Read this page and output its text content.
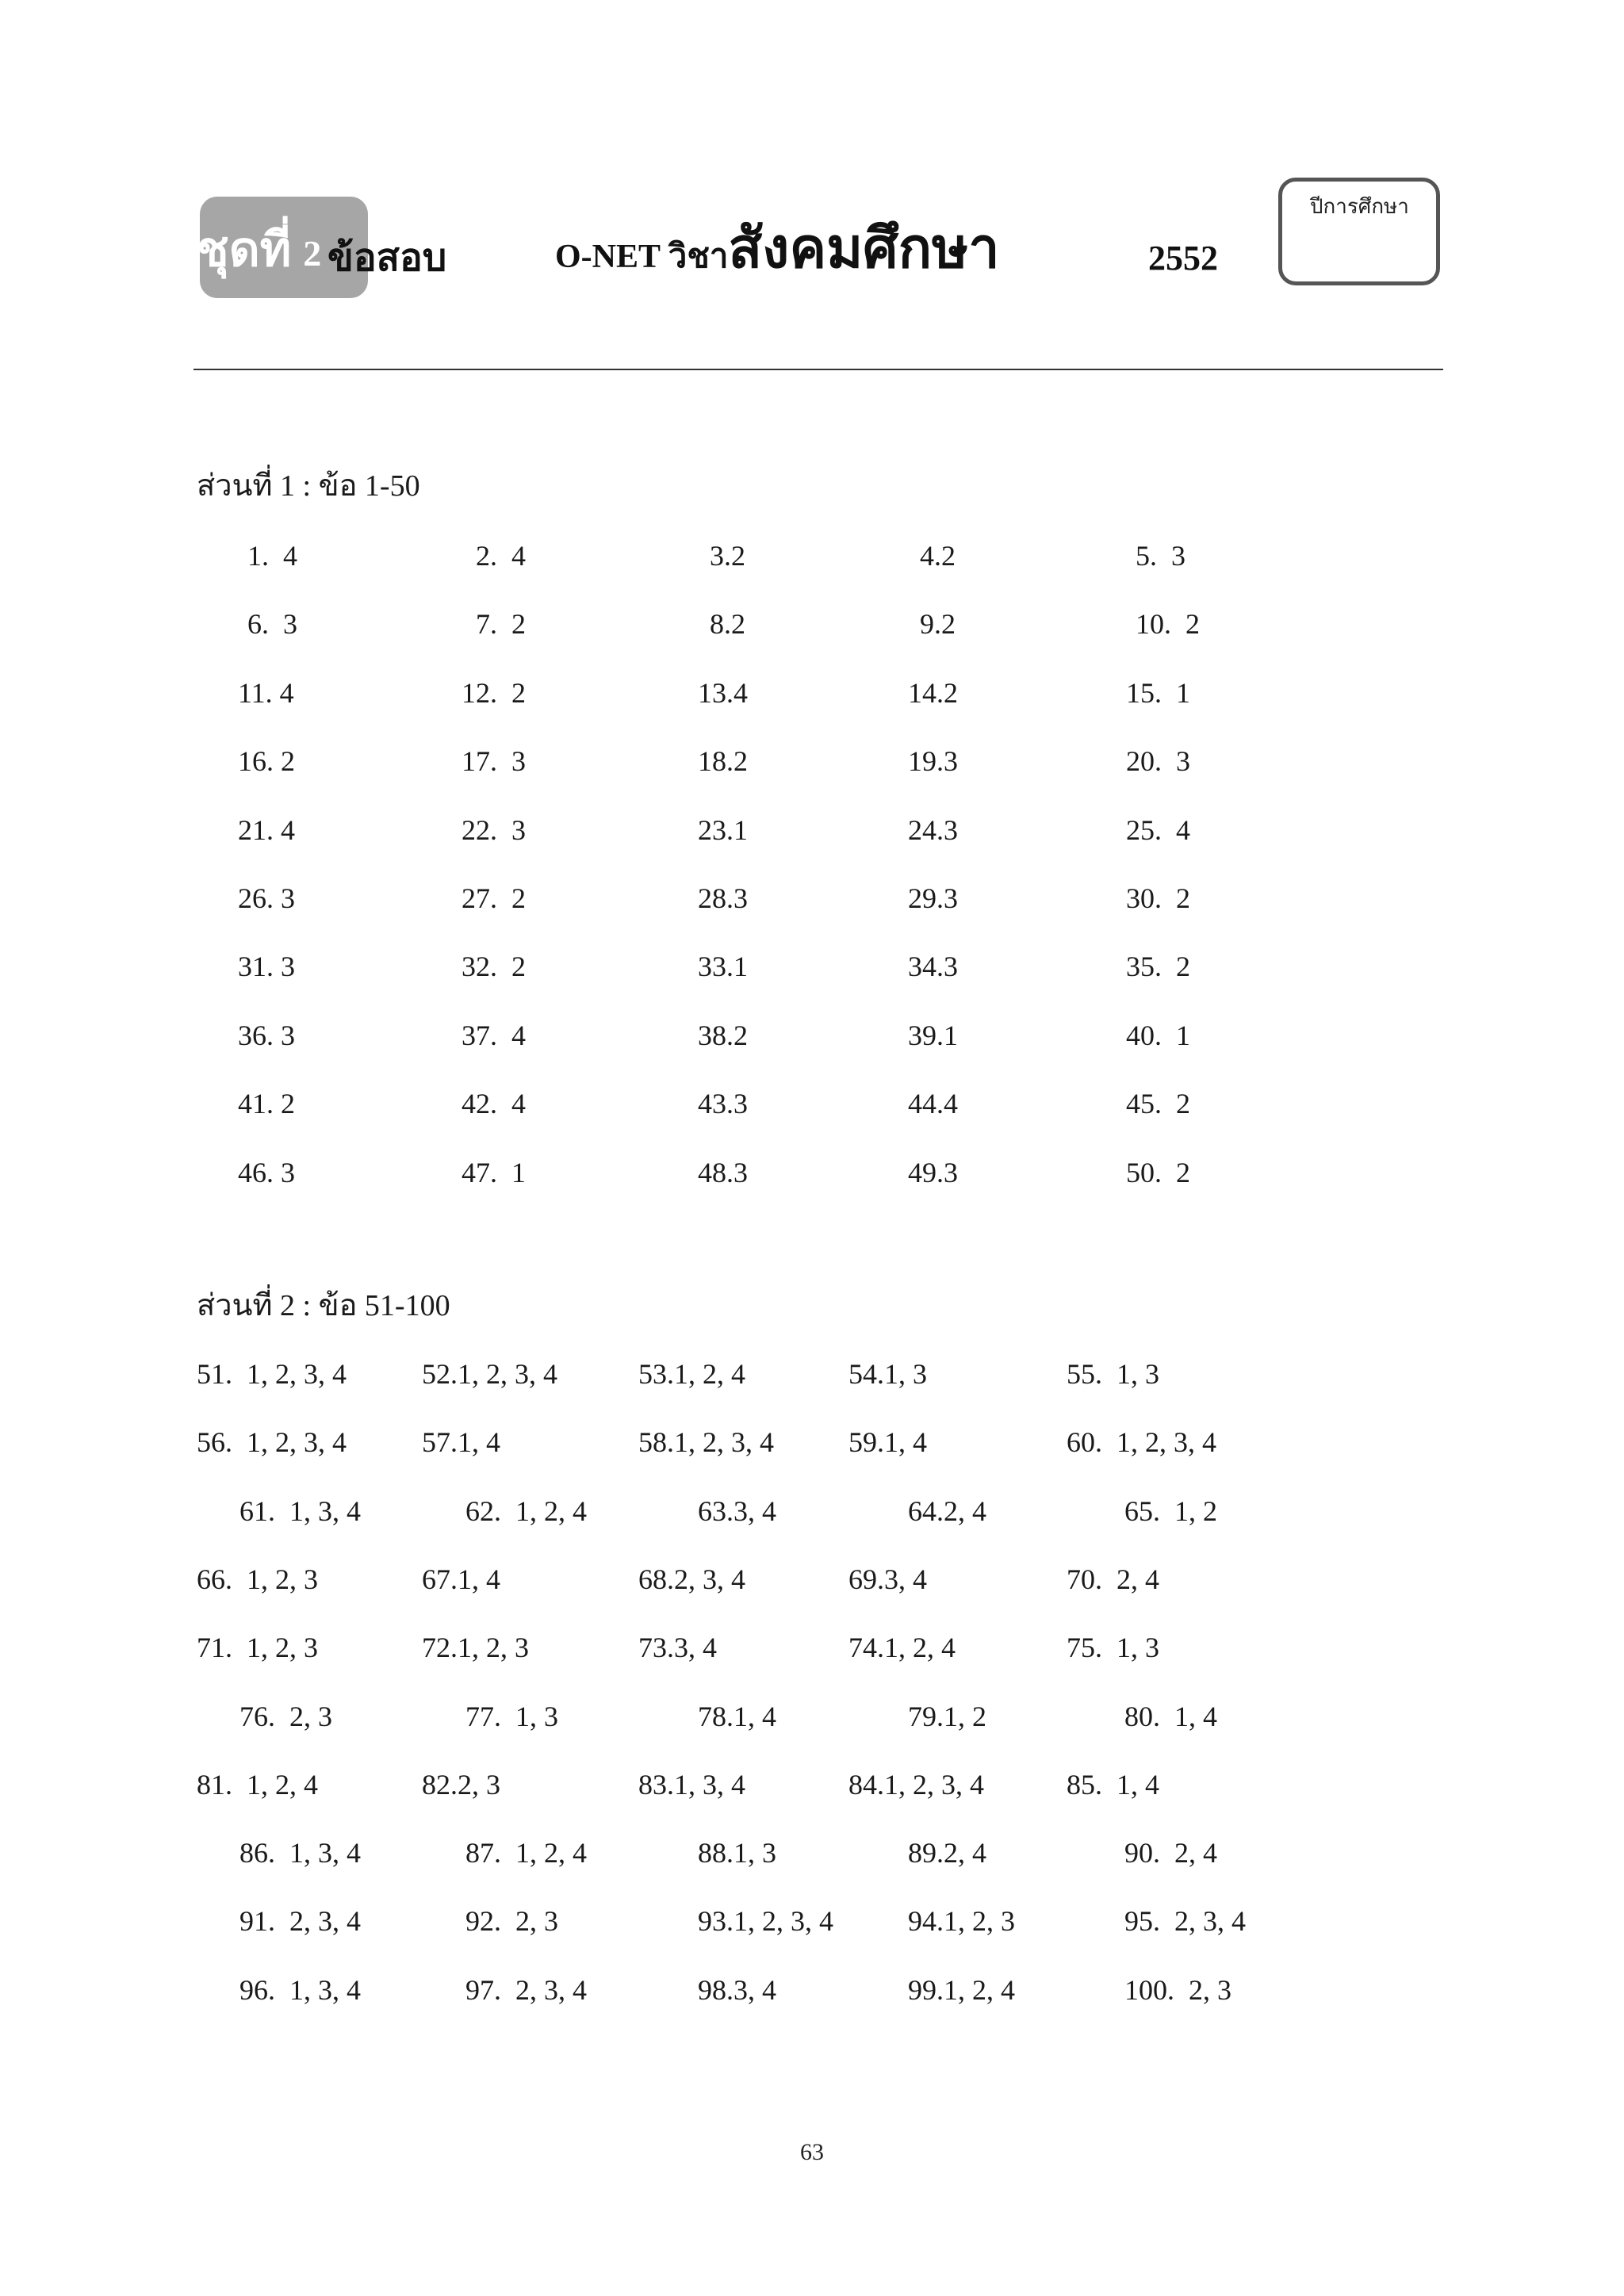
ชุดที่ 2 ข้อสอบ	O-NET วิชาสังคมศึกษา	2552
ปีการศึกษา
ส่วนที่ 1 : ข้อ 1-50
1.  4	2.  4	3.2	4.2	5.  3
6.  3	7.  2	8.2	9.2	10.  2
11. 4	12.  2	13.4	14.2	15.  1
16. 2	17.  3	18.2	19.3	20.  3
21. 4	22.  3	23.1	24.3	25.  4
26. 3	27.  2	28.3	29.3	30.  2
31. 3	32.  2	33.1	34.3	35.  2
36. 3	37.  4	38.2	39.1	40.  1
41. 2	42.  4	43.3	44.4	45.  2
46. 3	47.  1	48.3	49.3	50.  2
ส่วนที่ 2 : ข้อ 51-100
51.  1, 2, 3, 4	52.1, 2, 3, 4	53.1, 2, 4	54.1, 3	55.  1, 3
56.  1, 2, 3, 4	57.1, 4	58.1, 2, 3, 4	59.1, 4	60.  1, 2, 3, 4
61.  1, 3, 4	62.  1, 2, 4	63.3, 4	64.2, 4	65.  1, 2
66.  1, 2, 3	67.1, 4	68.2, 3, 4	69.3, 4	70.  2, 4
71.  1, 2, 3	72.1, 2, 3	73.3, 4	74.1, 2, 4	75.  1, 3
76.  2, 3	77.  1, 3	78.1, 4	79.1, 2	80.  1, 4
81.  1, 2, 4	82.2, 3	83.1, 3, 4	84.1, 2, 3, 4	85.  1, 4
86.  1, 3, 4	87.  1, 2, 4	88.1, 3	89.2, 4	90.  2, 4
91.  2, 3, 4	92.  2, 3	93.1, 2, 3, 4	94.1, 2, 3	95.  2, 3, 4
96.  1, 3, 4	97.  2, 3, 4	98.3, 4	99.1, 2, 4	100.  2, 3
63
